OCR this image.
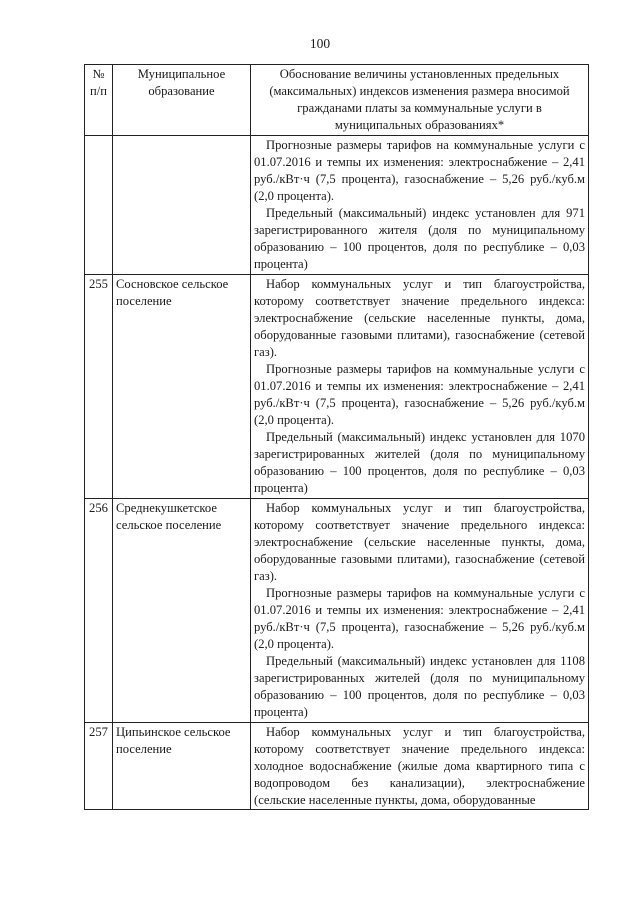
100
№ п/п	Муниципальное образование	Обоснование величины установленных предельных (максимальных) индексов изменения размера вносимой гражданами платы за коммунальные услуги в муниципальных образованиях*

		Прогнозные размеры тарифов на коммунальные услуги с 01.07.2016 и темпы их изменения: электроснабжение – 2,41 руб./кВт·ч (7,5 процента), газоснабжение – 5,26 руб./куб.м (2,0 процента).

Предельный (максимальный) индекс установлен для 971 зарегистрированного жителя (доля по муниципальному образованию – 100 процентов, доля по республике – 0,03 процента)

255	Сосновское сельское поселение	Набор коммунальных услуг и тип благоустройства, которому соответствует значение предельного индекса: электроснабжение (сельские населенные пункты, дома, оборудованные газовыми плитами), газоснабжение (сетевой газ).

Прогнозные размеры тарифов на коммунальные услуги с 01.07.2016 и темпы их изменения: электроснабжение – 2,41 руб./кВт·ч (7,5 процента), газоснабжение – 5,26 руб./куб.м (2,0 процента).

Предельный (максимальный) индекс установлен для 1070 зарегистрированных жителей (доля по муниципальному образованию – 100 процентов, доля по республике – 0,03 процента)

256	Среднекушкетское сельское поселение	Набор коммунальных услуг и тип благоустройства, которому соответствует значение предельного индекса: электроснабжение (сельские населенные пункты, дома, оборудованные газовыми плитами), газоснабжение (сетевой газ).

Прогнозные размеры тарифов на коммунальные услуги с 01.07.2016 и темпы их изменения: электроснабжение – 2,41 руб./кВт·ч (7,5 процента), газоснабжение – 5,26 руб./куб.м (2,0 процента).

Предельный (максимальный) индекс установлен для 1108 зарегистрированных жителей (доля по муниципальному образованию – 100 процентов, доля по республике – 0,03 процента)

257	Ципьинское сельское поселение	Набор коммунальных услуг и тип благоустройства, которому соответствует значение предельного индекса: холодное водоснабжение (жилые дома квартирного типа с водопроводом без канализации), электроснабжение (сельские населенные пункты, дома, оборудованные
